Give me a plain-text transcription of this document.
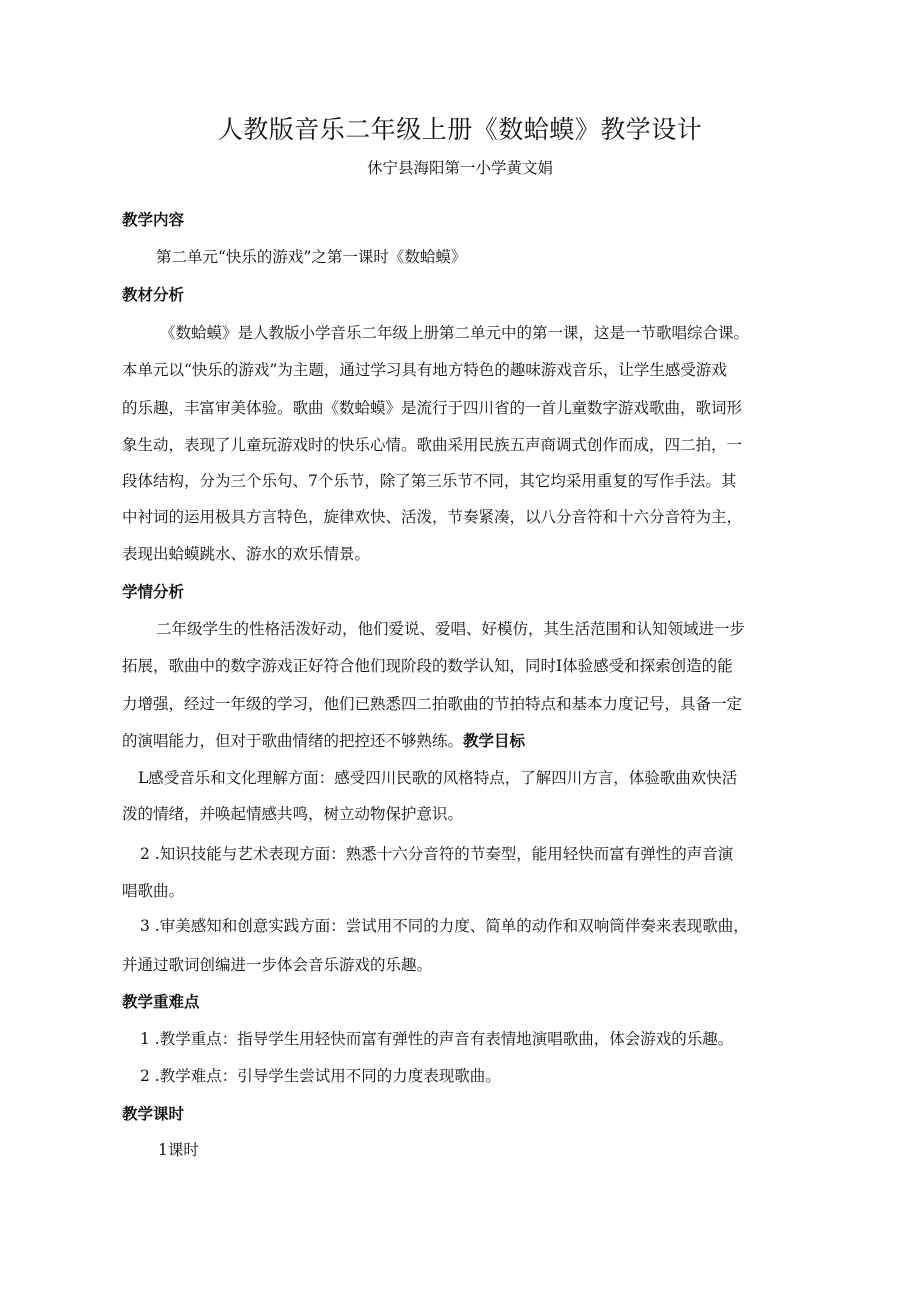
人教版音乐二年级上册《数蛤蟆》教学设计
休宁县海阳第一小学黄文娟
教学内容
第二单元“快乐的游戏”之第一课时《数蛤蟆》
教材分析
《数蛤蟆》是人教版小学音乐二年级上册第二单元中的第一课，这是一节歌唱综合课。
本单元以“快乐的游戏”为主题，通过学习具有地方特色的趣味游戏音乐，让学生感受游戏
的乐趣，丰富审美体验。歌曲《数蛤蟆》是流行于四川省的一首儿童数字游戏歌曲，歌词形
象生动，表现了儿童玩游戏时的快乐心情。歌曲采用民族五声商调式创作而成，四二拍，一
段体结构，分为三个乐句、7个乐节，除了第三乐节不同，其它均采用重复的写作手法。其
中衬词的运用极具方言特色，旋律欢快、活泼，节奏紧凑，以八分音符和十六分音符为主，
表现出蛤蟆跳水、游水的欢乐情景。
学情分析
二年级学生的性格活泼好动，他们爱说、爱唱、好模仿，其生活范围和认知领域进一步
拓展，歌曲中的数字游戏正好符合他们现阶段的数学认知，同时I体验感受和探索创造的能
力增强，经过一年级的学习，他们已熟悉四二拍歌曲的节拍特点和基本力度记号，具备一定
的演唱能力，但对于歌曲情绪的把控还不够熟练。教学目标
L感受音乐和文化理解方面：感受四川民歌的风格特点，了解四川方言，体验歌曲欢快活
泼的情绪，并唤起情感共鸣，树立动物保护意识。
2 .知识技能与艺术表现方面：熟悉十六分音符的节奏型，能用轻快而富有弹性的声音演
唱歌曲。
3 .审美感知和创意实践方面：尝试用不同的力度、简单的动作和双响筒伴奏来表现歌曲，
并通过歌词创编进一步体会音乐游戏的乐趣。
教学重难点
1 .教学重点：指导学生用轻快而富有弹性的声音有表情地演唱歌曲，体会游戏的乐趣。
2 .教学难点：引导学生尝试用不同的力度表现歌曲。
教学课时
1课时
